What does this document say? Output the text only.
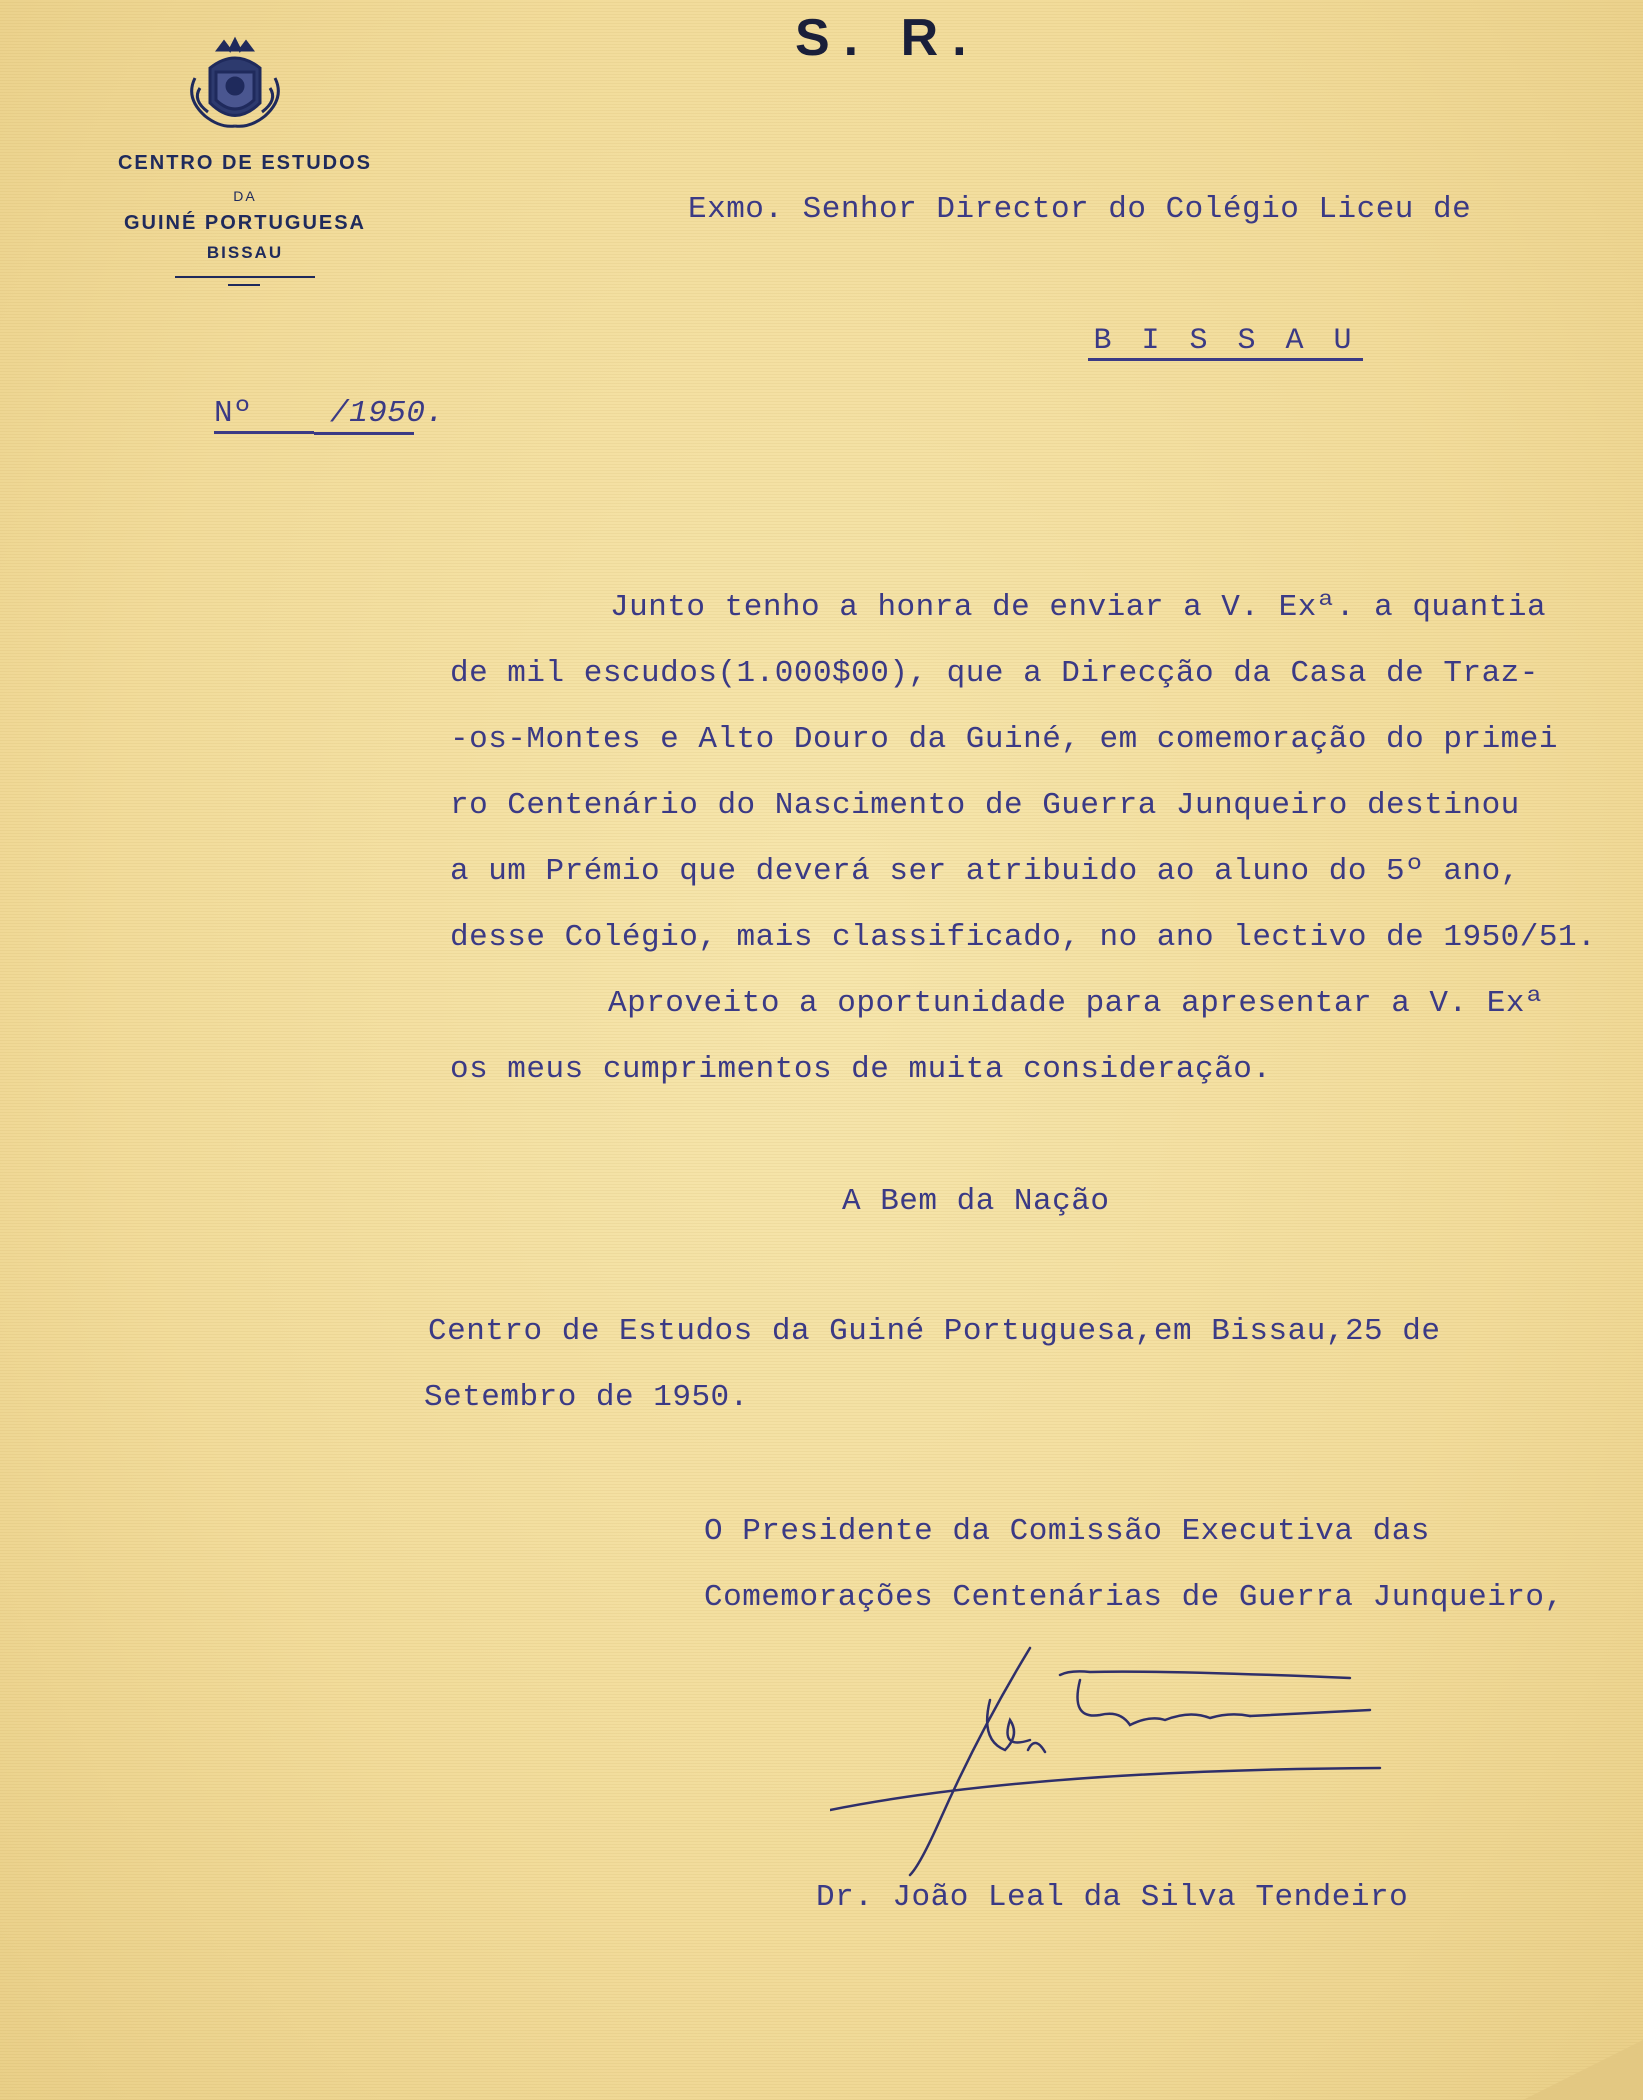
S. R.
CENTRO DE ESTUDOS
DA
GUINÉ PORTUGUESA
BISSAU
Exmo. Senhor Director do Colégio Liceu de
B I S S A U
Nº	/1950.
Junto tenho a honra de enviar a V. Exª. a quantia
de mil escudos(1.000$00), que a Direcção da Casa de Traz-
-os-Montes e Alto Douro da Guiné, em comemoração do primei
ro Centenário do Nascimento de Guerra Junqueiro destinou
a um Prémio que deverá ser atribuido ao aluno do 5º ano,
desse Colégio, mais classificado, no ano lectivo de 1950/51.
Aproveito a oportunidade para apresentar a V. Exª
os meus cumprimentos de muita consideração.
A Bem da Nação
Centro de Estudos da Guiné Portuguesa,em Bissau,25 de
Setembro de 1950.
O Presidente da Comissão Executiva das
Comemorações Centenárias de Guerra Junqueiro,
Dr. João Leal da Silva Tendeiro
